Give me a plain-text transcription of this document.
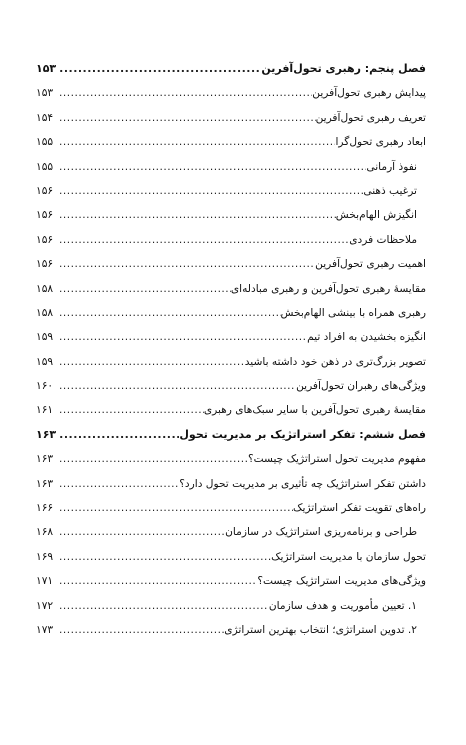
فصل پنجم: رهبری تحول‌آفرین
.....
۱۵۳
پیدایش رهبری تحول‌آفرین
.....
۱۵۳
تعریف رهبری تحول‌آفرین
.....
۱۵۴
ابعاد رهبری تحول‌گرا
.....
۱۵۵
نفوذ آرمانی
.....
۱۵۵
ترغیب ذهنی
.....
۱۵۶
انگیزش الهام‌بخش
.....
۱۵۶
ملاحظات فردی
.....
۱۵۶
اهمیت رهبری تحول‌آفرین
.....
۱۵۶
مقایسۀ رهبری تحول‌آفرین و رهبری مبادله‌ای
.....
۱۵۸
رهبری همراه با بینشی الهام‌بخش
.....
۱۵۸
انگیزه بخشیدن به افراد تیم
.....
۱۵۹
تصویر بزرگ‌تری در ذهن خود داشته باشید
.....
۱۵۹
ویژگی‌های رهبران تحول‌آفرین
.....
۱۶۰
مقایسۀ رهبری تحول‌آفرین با سایر سبک‌های رهبری
.....
۱۶۱
فصل ششم: تفکر استراتژیک بر مدیریت تحول
.....
۱۶۳
مفهوم مدیریت تحول استراتژیک چیست؟
.....
۱۶۳
داشتن تفکر استراتژیک چه تأثیری بر مدیریت تحول دارد؟
.....
۱۶۳
راه‌های تقویت تفکر استراتژیک
.....
۱۶۶
طراحی و برنامه‌ریزی استراتژیک در سازمان
.....
۱۶۸
تحول سازمان با مدیریت استراتژیک
.....
۱۶۹
ویژگی‌های مدیریت استراتژیک چیست؟
.....
۱۷۱
۱. تعیین مأموریت و هدف سازمان
.....
۱۷۲
۲. تدوین استراتژی؛ انتخاب بهترین استراتژی
.....
۱۷۳
